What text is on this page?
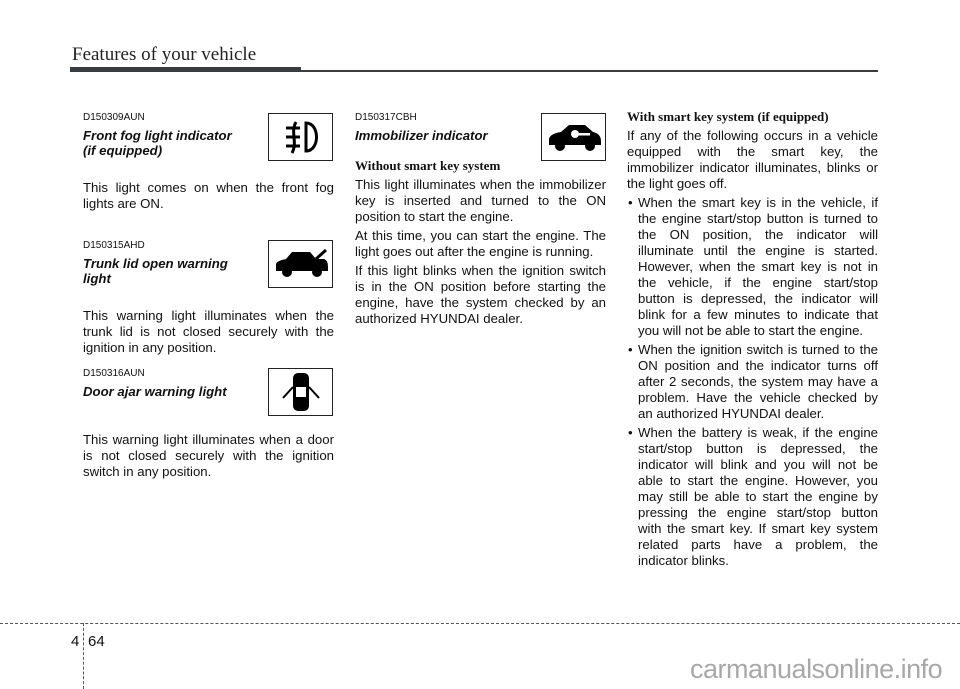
Features of your vehicle
D150309AUN
Front fog light indicator
(if equipped)

This light comes on when the front fog lights are ON.

D150315AHD
Trunk lid open warning
light

This warning light illuminates when the trunk lid is not closed securely with the ignition in any position.

D150316AUN
Door ajar warning light

This warning light illuminates when a door is not closed securely with the ignition switch in any position.

D150317CBH
Immobilizer indicator
Without smart key system

This light illuminates when the immobilizer key is inserted and turned to the ON position to start the engine.

At this time, you can start the engine. The light goes out after the engine is running.

If this light blinks when the ignition switch is in the ON position before starting the engine, have the system checked by an authorized HYUNDAI dealer.

With smart key system (if equipped)

If any of the following occurs in a vehicle equipped with the smart key, the immobilizer indicator illuminates, blinks or the light goes off.

• When the smart key is in the vehicle, if the engine start/stop button is turned to the ON position, the indicator will illuminate until the engine is started. However, when the smart key is not in the vehicle, if the engine start/stop button is depressed, the indicator will blink for a few minutes to indicate that you will not be able to start the engine.
• When the ignition switch is turned to the ON position and the indicator turns off after 2 seconds, the system may have a problem. Have the vehicle checked by an authorized HYUNDAI dealer.
• When the battery is weak, if the engine start/stop button is depressed, the indicator will blink and you will not be able to start the engine. However, you may still be able to start the engine by pressing the engine start/stop button with the smart key. If smart key system related parts have a problem, the indicator blinks.
4 64
carmanualsonline.info
